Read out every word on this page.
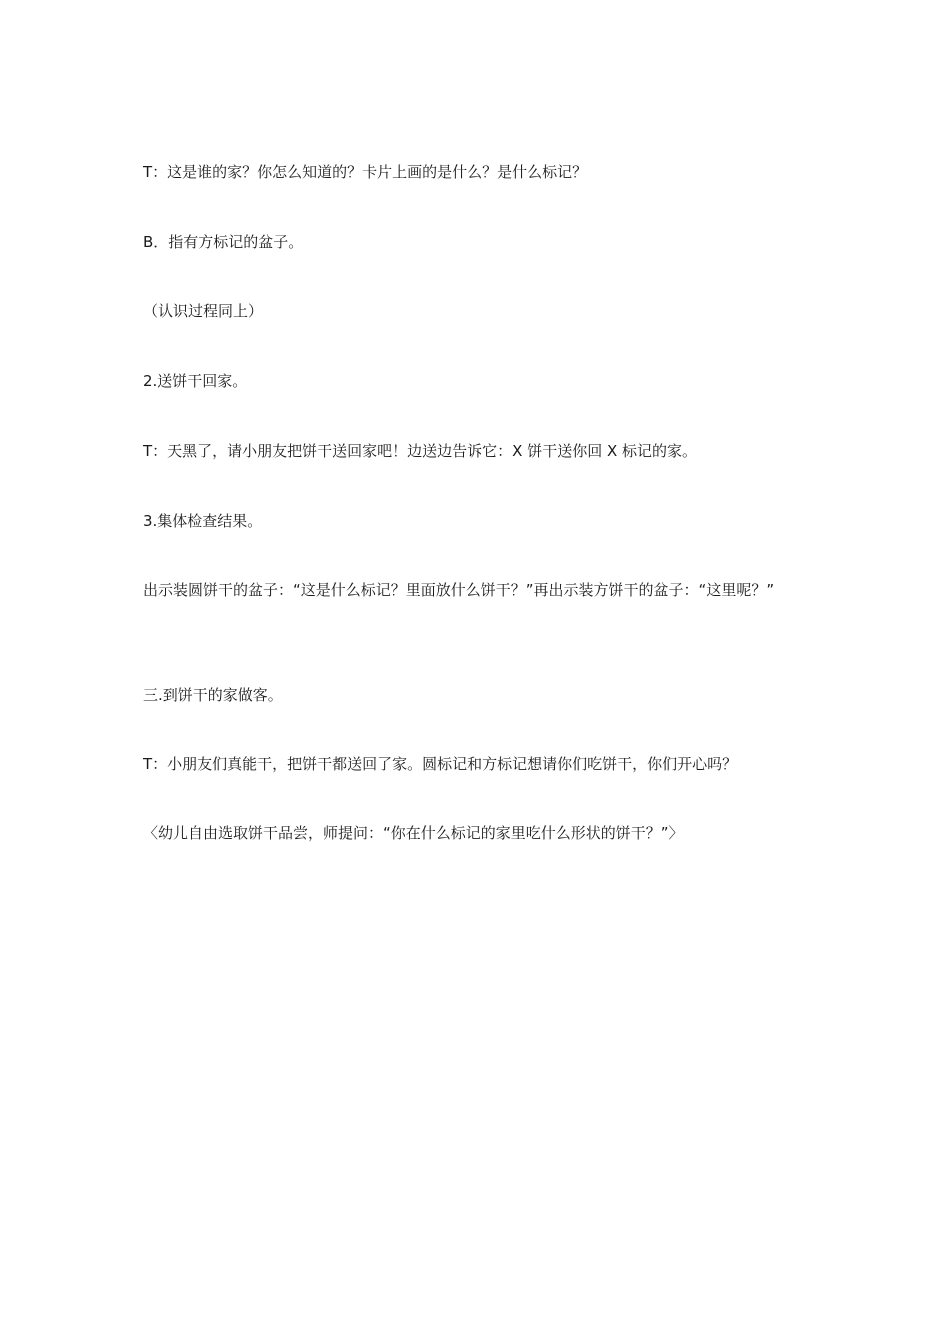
T：这是谁的家？你怎么知道的？卡片上画的是什么？是什么标记？

B．指有方标记的盆子。

（认识过程同上）

2.送饼干回家。

T：天黑了，请小朋友把饼干送回家吧！边送边告诉它：X 饼干送你回 X 标记的家。

3.集体检查结果。

出示装圆饼干的盆子：“这是什么标记？里面放什么饼干？”再出示装方饼干的盆子：“这里呢？”

三.到饼干的家做客。

T：小朋友们真能干，把饼干都送回了家。圆标记和方标记想请你们吃饼干，你们开心吗？

〈幼儿自由选取饼干品尝，师提问：“你在什么标记的家里吃什么形状的饼干？”〉
